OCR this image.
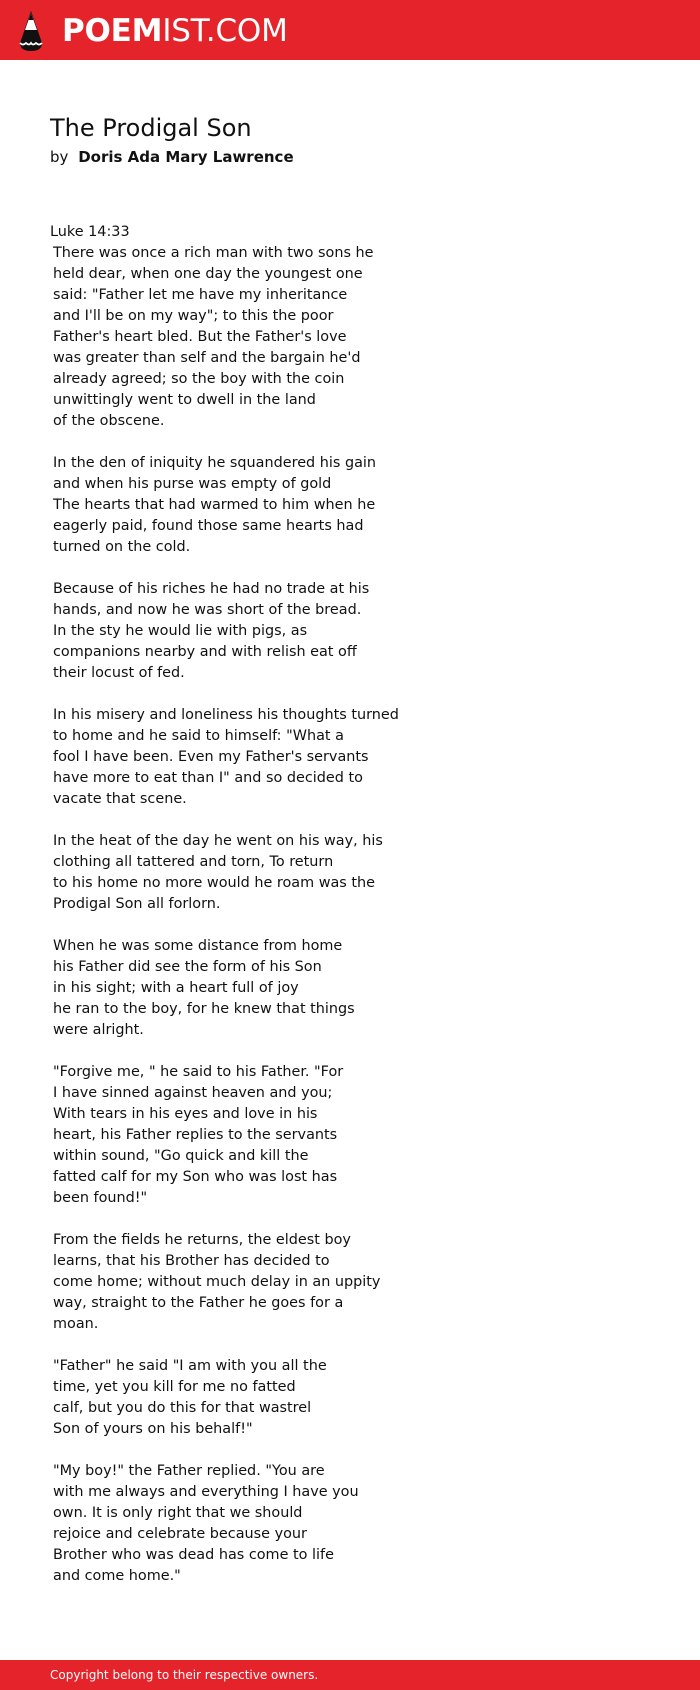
POEMIST.COM
The Prodigal Son
by Doris Ada Mary Lawrence
Luke 14:33
There was once a rich man with two sons he
held dear, when one day the youngest one
said: "Father let me have my inheritance
and I'll be on my way"; to this the poor
Father's heart bled. But the Father's love
was greater than self and the bargain he'd
already agreed; so the boy with the coin
unwittingly went to dwell in the land
of the obscene.
In the den of iniquity he squandered his gain
and when his purse was empty of gold
The hearts that had warmed to him when he
eagerly paid, found those same hearts had
turned on the cold.
Because of his riches he had no trade at his
hands, and now he was short of the bread.
In the sty he would lie with pigs, as
companions nearby and with relish eat off
their locust of fed.
In his misery and loneliness his thoughts turned
to home and he said to himself: "What a
fool I have been. Even my Father's servants
have more to eat than I" and so decided to
vacate that scene.
In the heat of the day he went on his way, his
clothing all tattered and torn, To return
to his home no more would he roam was the
Prodigal Son all forlorn.
When he was some distance from home
his Father did see the form of his Son
in his sight; with a heart full of joy
he ran to the boy, for he knew that things
were alright.
"Forgive me, " he said to his Father. "For
I have sinned against heaven and you;
With tears in his eyes and love in his
heart, his Father replies to the servants
within sound, "Go quick and kill the
fatted calf for my Son who was lost has
been found!"
From the fields he returns, the eldest boy
learns, that his Brother has decided to
come home; without much delay in an uppity
way, straight to the Father he goes for a
moan.
"Father" he said "I am with you all the
time, yet you kill for me no fatted
calf, but you do this for that wastrel
Son of yours on his behalf!"
"My boy!" the Father replied. "You are
with me always and everything I have you
own. It is only right that we should
rejoice and celebrate because your
Brother who was dead has come to life
and come home."
Copyright belong to their respective owners.
